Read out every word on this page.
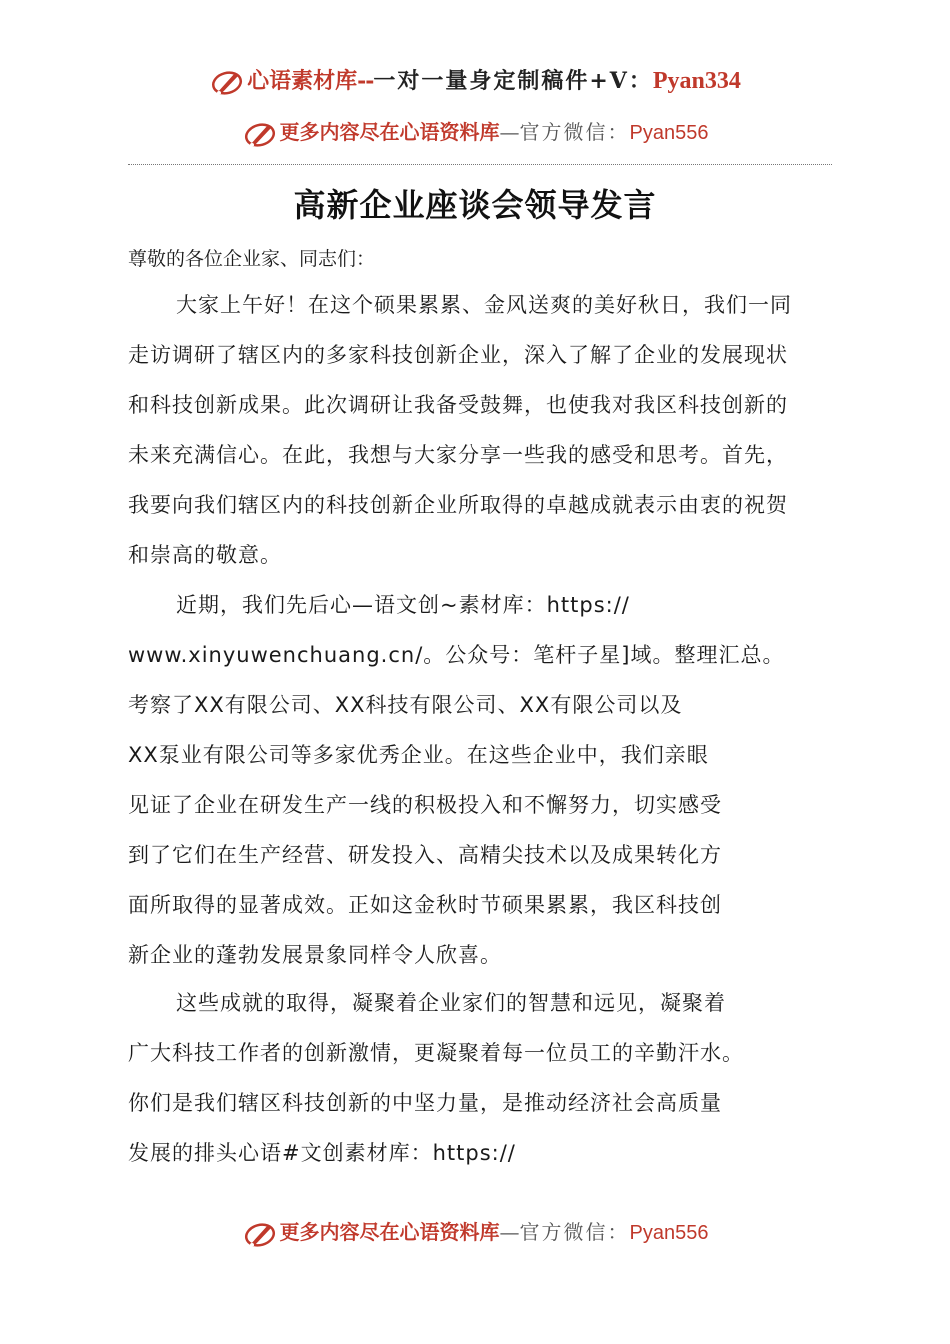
心语素材库--一对一量身定制稿件+V：Pyan334
更多内容尽在心语资料库—官方微信：Pyan556
高新企业座谈会领导发言

尊敬的各位企业家、同志们：

大家上午好！在这个硕果累累、金风送爽的美好秋日，我们一同
走访调研了辖区内的多家科技创新企业，深入了解了企业的发展现状
和科技创新成果。此次调研让我备受鼓舞，也使我对我区科技创新的
未来充满信心。在此，我想与大家分享一些我的感受和思考。首先，
我要向我们辖区内的科技创新企业所取得的卓越成就表示由衷的祝贺
和崇高的敬意。
近期，我们先后心—语文创~素材库：https://
www.xinyuwenchuang.cn/。公众号：笔杆子星]域。整理汇总。
考察了XX有限公司、XX科技有限公司、XX有限公司以及
XX泵业有限公司等多家优秀企业。在这些企业中，我们亲眼
见证了企业在研发生产一线的积极投入和不懈努力，切实感受
到了它们在生产经营、研发投入、高精尖技术以及成果转化方
面所取得的显著成效。正如这金秋时节硕果累累，我区科技创
新企业的蓬勃发展景象同样令人欣喜。
这些成就的取得，凝聚着企业家们的智慧和远见，凝聚着
广大科技工作者的创新激情，更凝聚着每一位员工的辛勤汗水。
你们是我们辖区科技创新的中坚力量，是推动经济社会高质量
发展的排头心语#文创素材库：https://
更多内容尽在心语资料库—官方微信：Pyan556
